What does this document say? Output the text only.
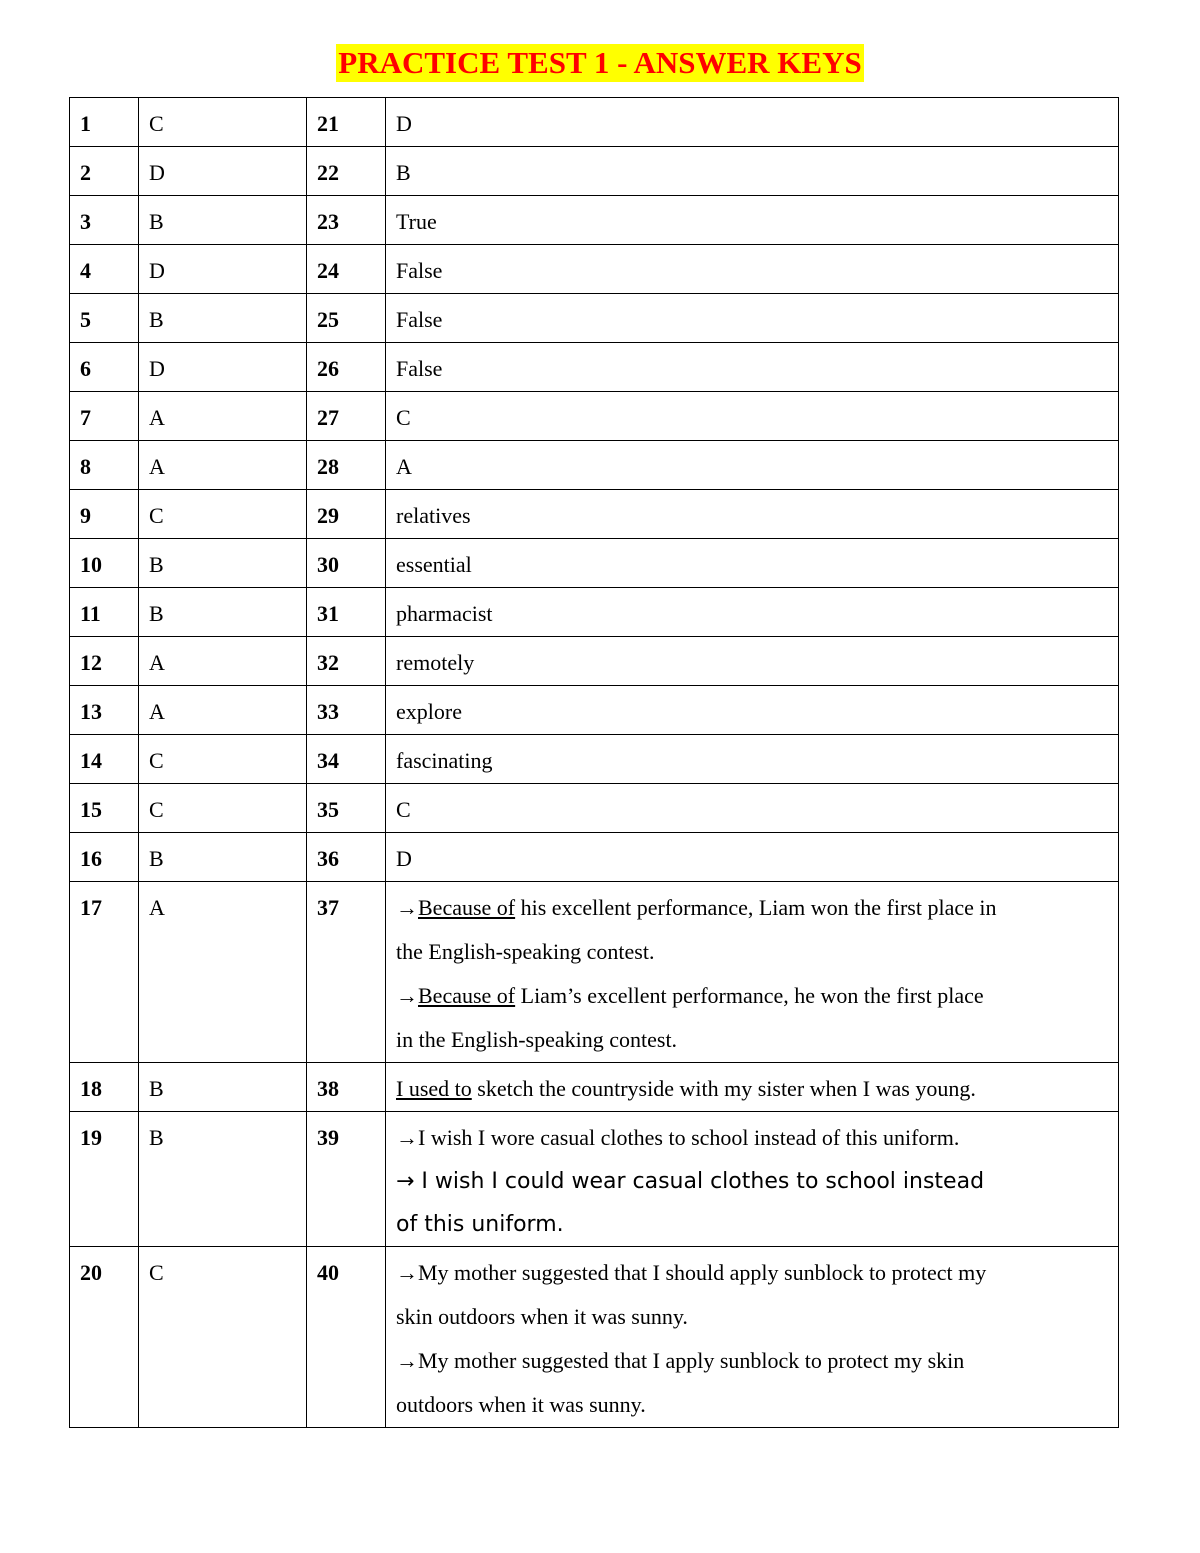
PRACTICE TEST 1 - ANSWER KEYS
1	C	21	D

2	D	22	B

3	B	23	True

4	D	24	False

5	B	25	False

6	D	26	False

7	A	27	C

8	A	28	A

9	C	29	relatives

10	B	30	essential

11	B	31	pharmacist

12	A	32	remotely

13	A	33	explore

14	C	34	fascinating

15	C	35	C

16	B	36	D

17	A	37	→Because of his excellent performance, Liam won the first place in
the English-speaking contest.
→Because of Liam’s excellent performance, he won the first place
in the English-speaking contest.

18	B	38	I used to sketch the countryside with my sister when I was young.

19	B	39	→I wish I wore casual clothes to school instead of this uniform.
→ I wish I could wear casual clothes to school instead
of this uniform.

20	C	40	→My mother suggested that I should apply sunblock to protect my
skin outdoors when it was sunny.
→My mother suggested that I apply sunblock to protect my skin
outdoors when it was sunny.
